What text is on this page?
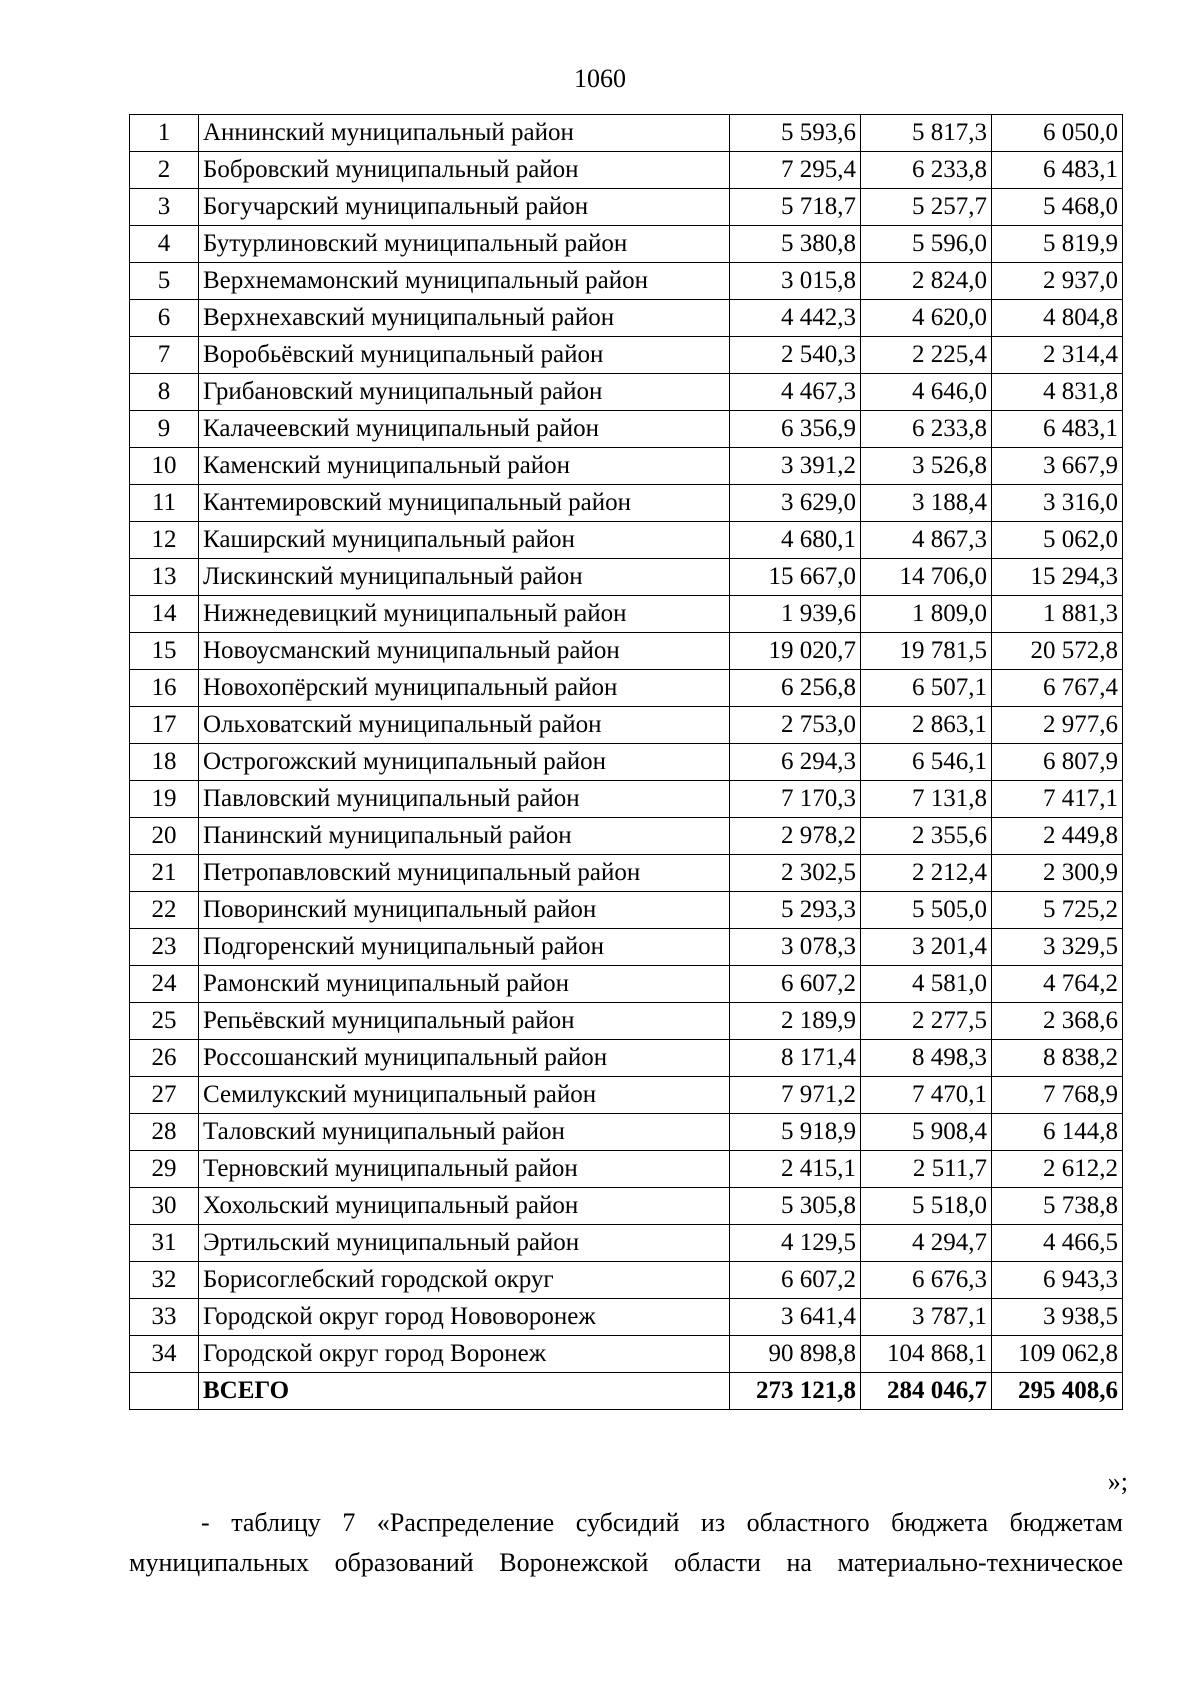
1060
1	Аннинский муниципальный район	5 593,6	5 817,3	6 050,0
2	Бобровский муниципальный район	7 295,4	6 233,8	6 483,1
3	Богучарский муниципальный район	5 718,7	5 257,7	5 468,0
4	Бутурлиновский муниципальный район	5 380,8	5 596,0	5 819,9
5	Верхнемамонский муниципальный район	3 015,8	2 824,0	2 937,0
6	Верхнехавский муниципальный район	4 442,3	4 620,0	4 804,8
7	Воробьёвский муниципальный район	2 540,3	2 225,4	2 314,4
8	Грибановский муниципальный район	4 467,3	4 646,0	4 831,8
9	Калачеевский муниципальный район	6 356,9	6 233,8	6 483,1
10	Каменский муниципальный район	3 391,2	3 526,8	3 667,9
11	Кантемировский муниципальный район	3 629,0	3 188,4	3 316,0
12	Каширский муниципальный район	4 680,1	4 867,3	5 062,0
13	Лискинский муниципальный район	15 667,0	14 706,0	15 294,3
14	Нижнедевицкий муниципальный район	1 939,6	1 809,0	1 881,3
15	Новоусманский муниципальный район	19 020,7	19 781,5	20 572,8
16	Новохопёрский муниципальный район	6 256,8	6 507,1	6 767,4
17	Ольховатский муниципальный район	2 753,0	2 863,1	2 977,6
18	Острогожский муниципальный район	6 294,3	6 546,1	6 807,9
19	Павловский муниципальный район	7 170,3	7 131,8	7 417,1
20	Панинский муниципальный район	2 978,2	2 355,6	2 449,8
21	Петропавловский муниципальный район	2 302,5	2 212,4	2 300,9
22	Поворинский муниципальный район	5 293,3	5 505,0	5 725,2
23	Подгоренский муниципальный район	3 078,3	3 201,4	3 329,5
24	Рамонский муниципальный район	6 607,2	4 581,0	4 764,2
25	Репьёвский муниципальный район	2 189,9	2 277,5	2 368,6
26	Россошанский муниципальный район	8 171,4	8 498,3	8 838,2
27	Семилукский муниципальный район	7 971,2	7 470,1	7 768,9
28	Таловский муниципальный район	5 918,9	5 908,4	6 144,8
29	Терновский муниципальный район	2 415,1	2 511,7	2 612,2
30	Хохольский муниципальный район	5 305,8	5 518,0	5 738,8
31	Эртильский муниципальный район	4 129,5	4 294,7	4 466,5
32	Борисоглебский городской округ	6 607,2	6 676,3	6 943,3
33	Городской округ город Нововоронеж	3 641,4	3 787,1	3 938,5
34	Городской округ город Воронеж	90 898,8	104 868,1	109 062,8
	ВСЕГО	273 121,8	284 046,7	295 408,6
»;
- таблицу 7 «Распределение субсидий из областного бюджета бюджетам
муниципальных образований Воронежской области на материально-техническое
